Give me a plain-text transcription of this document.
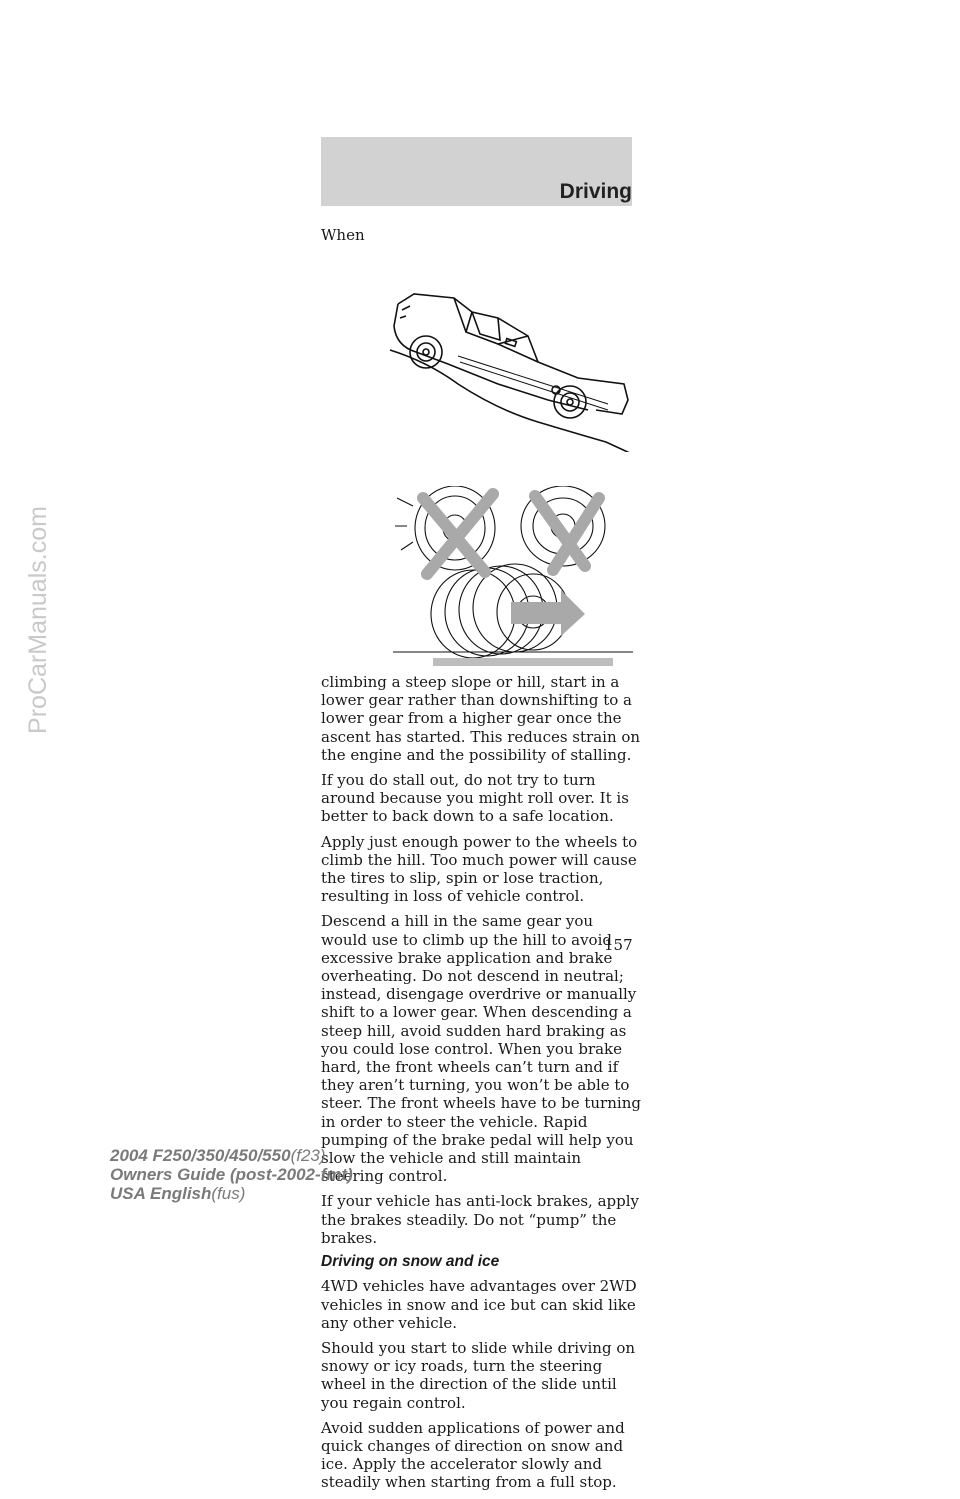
Driving
ProCarManuals.com

When climbing a steep slope or hill, start in a lower gear rather than downshifting to a lower gear from a higher gear once the ascent has started. This reduces strain on the engine and the possibility of stalling.

If you do stall out, do not try to turn around because you might roll over. It is better to back down to a safe location.

Apply just enough power to the wheels to climb the hill. Too much power will cause the tires to slip, spin or lose traction, resulting in loss of vehicle control.

Descend a hill in the same gear you would use to climb up the hill to avoid excessive brake application and brake overheating. Do not descend in neutral; instead, disengage overdrive or manually shift to a lower gear. When descending a steep hill, avoid sudden hard braking as you could lose control. When you brake hard, the front wheels can’t turn and if they aren’t turning, you won’t be able to steer. The front wheels have to be turning in order to steer the vehicle. Rapid pumping of the brake pedal will help you slow the vehicle and still maintain steering control.

If your vehicle has anti-lock brakes, apply the brakes steadily. Do not “pump” the brakes.

Driving on snow and ice

4WD vehicles have advantages over 2WD vehicles in snow and ice but can skid like any other vehicle.

Should you start to slide while driving on snowy or icy roads, turn the steering wheel in the direction of the slide until you regain control.

Avoid sudden applications of power and quick changes of direction on snow and ice. Apply the accelerator slowly and steadily when starting from a full stop.

157
2004 F250/350/450/550(f23)
Owners Guide (post-2002-fmt)
USA English(fus)
